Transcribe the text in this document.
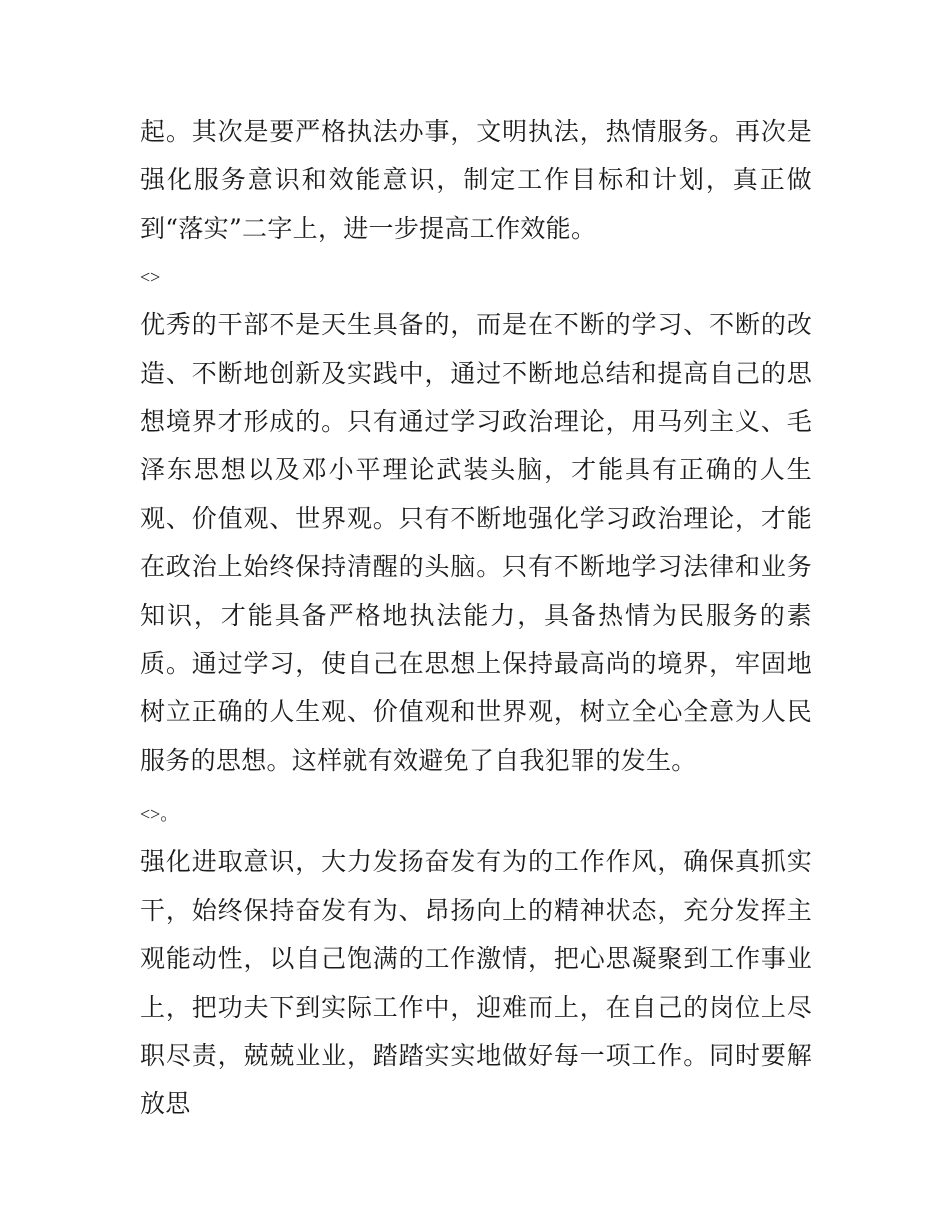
起。其次是要严格执法办事，文明执法，热情服务。再次是强化服务意识和效能意识，制定工作目标和计划，真正做到“落实”二字上，进一步提高工作效能。

<>

优秀的干部不是天生具备的，而是在不断的学习、不断的改造、不断地创新及实践中，通过不断地总结和提高自己的思想境界才形成的。只有通过学习政治理论，用马列主义、毛泽东思想以及邓小平理论武装头脑，才能具有正确的人生观、价值观、世界观。只有不断地强化学习政治理论，才能在政治上始终保持清醒的头脑。只有不断地学习法律和业务知识，才能具备严格地执法能力，具备热情为民服务的素质。通过学习，使自己在思想上保持最高尚的境界，牢固地树立正确的人生观、价值观和世界观，树立全心全意为人民服务的思想。这样就有效避免了自我犯罪的发生。

<>。

强化进取意识，大力发扬奋发有为的工作作风，确保真抓实干，始终保持奋发有为、昂扬向上的精神状态，充分发挥主观能动性，以自己饱满的工作激情，把心思凝聚到工作事业上，把功夫下到实际工作中，迎难而上，在自己的岗位上尽职尽责，兢兢业业，踏踏实实地做好每一项工作。同时要解放思
